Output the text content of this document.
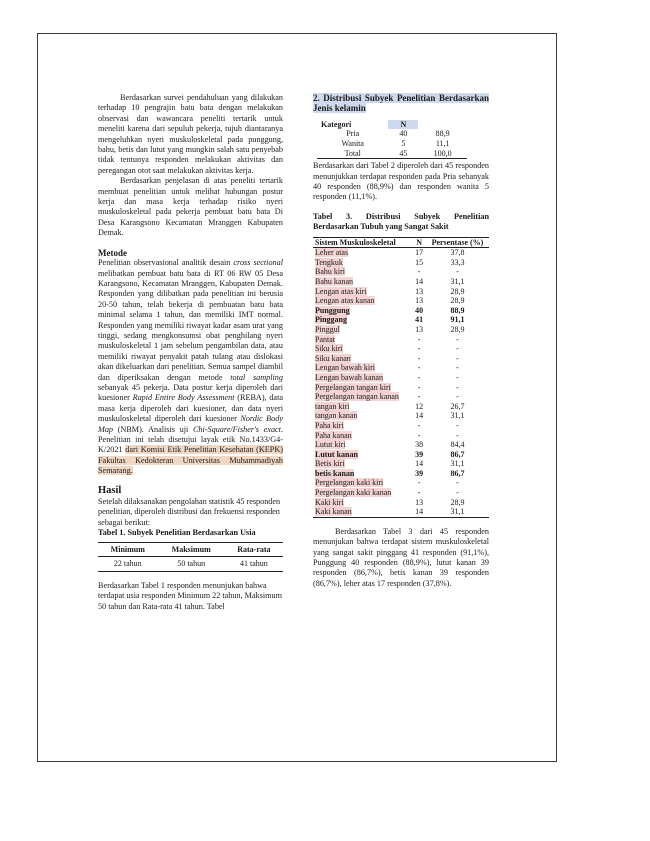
Berdasarkan survei pendahuluan yang dilakukan terhadap 10 pengrajin batu bata dengan melakukan observasi dan wawancara peneliti tertarik untuk meneliti karena dari sepuluh pekerja, tujuh diantaranya mengeluhkan nyeri muskuloskeletal pada punggung, bahu, betis dan lutut yang mungkin salah satu penyebab tidak tentunya responden melakukan aktivitas dan peregangan otot saat melakukan aktivitas kerja.

Berdasarkan penjelasan di atas peneliti tertarik membuat penelitian untuk melihat hubungan postur kerja dan masa kerja terhadap risiko nyeri muskuloskeletal pada pekerja pembuat batu bata Di Desa Karangsono Kecamatan Mranggen Kabupaten Demak.

Metode

Penelitian observasional analitik desain cross sectional melibatkan pembuat batu bata di RT 06 RW 05 Desa Karangsono, Kecamatan Mranggen, Kabupaten Demak. Responden yang dilibatkan pada penelitian ini berusia 20-50 tahun, telah bekerja di pembuatan batu bata minimal selama 1 tahun, dan memiliki IMT normal. Responden yang memiliki riwayat kadar asam urat yang tinggi, sedang mengkonsumsi obat penghilang nyeri muskuloskeletal 1 jam sebelum pengambilan data, atau memiliki riwayat penyakit patah tulang atau dislokasi akan dikeluarkan dari penelitian. Semua sampel diambil dan diperiksakan dengan metode total sampling sebanyak 45 pekerja. Data postur kerja diperoleh dari kuesioner Rapid Entire Body Assessment (REBA), data masa kerja diperoleh dari kuesioner, dan data nyeri muskuloskeletal diperoleh dari kuesioner Nordic Body Map (NBM). Analisis uji Chi-Square/Fisher's exact. Penelitian ini telah disetujui layak etik No.1433/G4-K/2021 dari Komisi Etik Penelitian Kesehatan (KEPK) Fakultas Kedokteran Universitas Muhammadiyah Semarang.

Hasil

Setelah dilaksanakan pengolahan statistik 45 responden penelitian, diperoleh distribusi dan frekuensi responden sebagai berikut:

Tabel 1. Subyek Penelitian Berdasarkan Usia

Minimum	Maksimum	Rata-rata
22 tahun	50 tahun	41 tahun

Berdasarkan Tabel 1 responden menunjukan bahwa terdapat usia responden Minimum 22 tahun, Maksimum 50 tahun dan Rata-rata 41 tahun. Tabel

2. Distribusi Subyek Penelitian Berdasarkan Jenis kelamin

Kategori	N	
Pria	40	88,9
Wanita	5	11,1
Total	45	100,0

Berdasarkan dari Tabel 2 diperoleh dari 45 responden menunjukkan terdapat responden pada Pria sebanyak 40 responden (88,9%) dan responden wanita 5 responden (11,1%).

Tabel 3. Distribusi Subyek Penelitian Berdasarkan Tubuh yang Sangat Sakit

Sistem Muskuloskeletal	N	Persentase (%)
Leher atas	17	37,8
Tengkuk	15	33,3
Bahu kiri	-	-
Bahu kanan	14	31,1
Lengan atas kiri	13	28,9
Lengan atas kanan	13	28,9
Punggung	40	88,9
Pinggang	41	91,1
Pinggul	13	28,9
Pantat	-	-
Siku kiri	-	-
Siku kanan	-	-
Lengan bawah kiri	-	-
Lengan bawah kanan	-	-
Pergelangan tangan kiri	-	-
Pergelangan tangan kanan	-	-
tangan kiri	12	26,7
tangan kanan	14	31,1
Paha kiri	-	-
Paha kanan	-	-
Lutut kiri	38	84,4
Lutut kanan	39	86,7
Betis kiri	14	31,1
betis kanan	39	86,7
Pergelangan kaki kiri	-	-
Pergelangan kaki kanan	-	-
Kaki kiri	13	28,9
Kaki kanan	14	31,1

Berdasarkan Tabel 3 dari 45 responden menunjukan bahwa terdapat sistem muskuloskeletal yang sangat sakit pinggang 41 responden (91,1%), Punggung 40 responden (88,9%), lutut kanan 39 responden (86,7%), betis kanan 39 responden (86,7%), leher atas 17 responden (37,8%).
